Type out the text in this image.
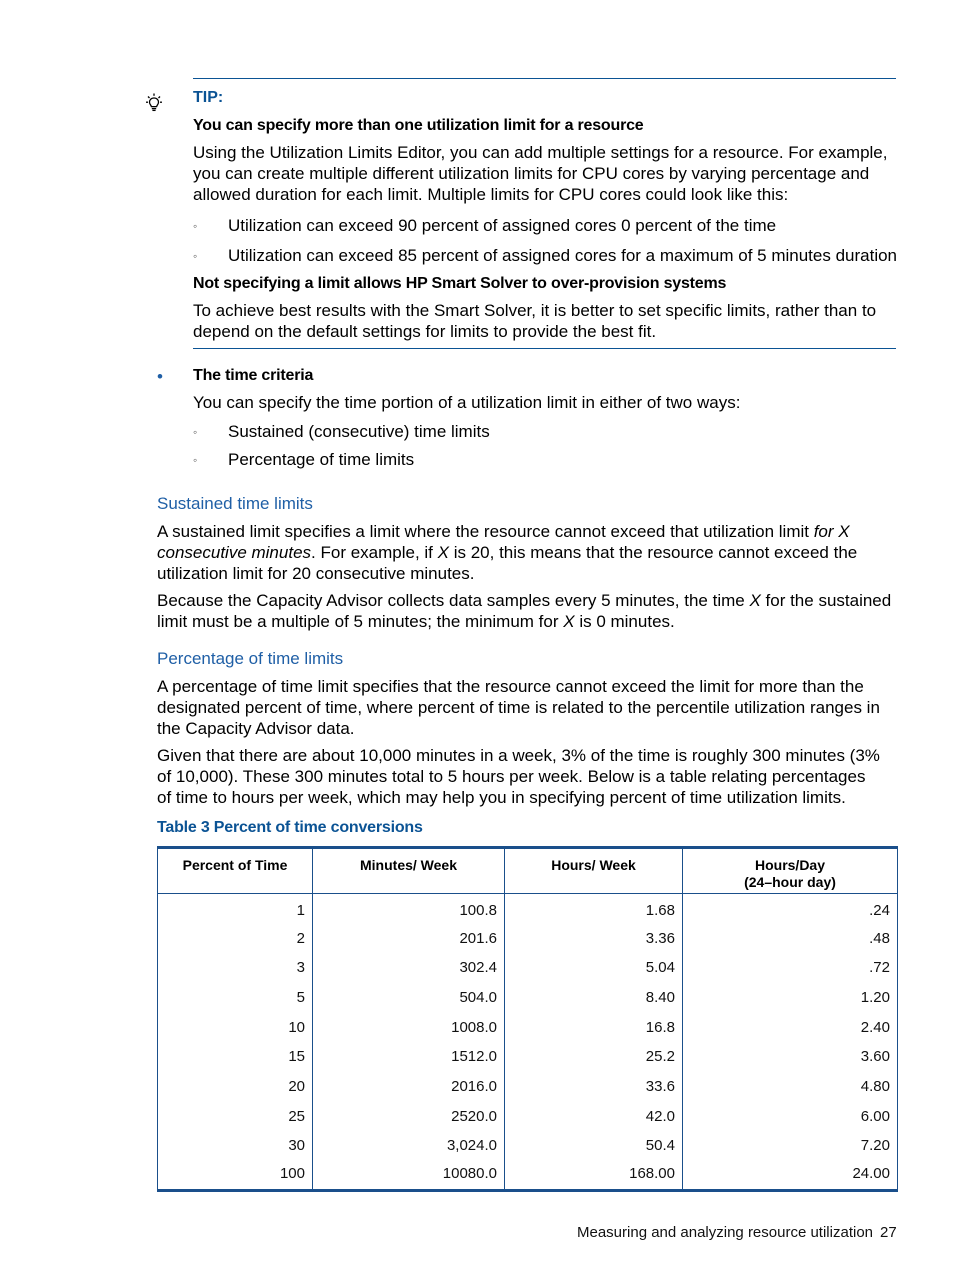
TIP:
You can specify more than one utilization limit for a resource
Using the Utilization Limits Editor, you can add multiple settings for a resource. For example,
you can create multiple different utilization limits for CPU cores by varying percentage and
allowed duration for each limit. Multiple limits for CPU cores could look like this:
◦ Utilization can exceed 90 percent of assigned cores 0 percent of the time
◦ Utilization can exceed 85 percent of assigned cores for a maximum of 5 minutes duration
Not specifying a limit allows HP Smart Solver to over-provision systems
To achieve best results with the Smart Solver, it is better to set specific limits, rather than to
depend on the default settings for limits to provide the best fit.
• The time criteria
You can specify the time portion of a utilization limit in either of two ways:
◦ Sustained (consecutive) time limits
◦ Percentage of time limits
Sustained time limits
A sustained limit specifies a limit where the resource cannot exceed that utilization limit for X
consecutive minutes. For example, if X is 20, this means that the resource cannot exceed the
utilization limit for 20 consecutive minutes.
Because the Capacity Advisor collects data samples every 5 minutes, the time X for the sustained
limit must be a multiple of 5 minutes; the minimum for X is 0 minutes.
Percentage of time limits
A percentage of time limit specifies that the resource cannot exceed the limit for more than the
designated percent of time, where percent of time is related to the percentile utilization ranges in
the Capacity Advisor data.
Given that there are about 10,000 minutes in a week, 3% of the time is roughly 300 minutes (3%
of 10,000). These 300 minutes total to 5 hours per week. Below is a table relating percentages
of time to hours per week, which may help you in specifying percent of time utilization limits.
Table 3 Percent of time conversions
Percent of Time	Minutes/ Week	Hours/ Week	Hours/Day
(24–hour day)

1	100.8	1.68	.24
2	201.6	3.36	.48
3	302.4	5.04	.72
5	504.0	8.40	1.20
10	1008.0	16.8	2.40
15	1512.0	25.2	3.60
20	2016.0	33.6	4.80
25	2520.0	42.0	6.00
30	3,024.0	50.4	7.20
100	10080.0	168.00	24.00
Measuring and analyzing resource utilization 27
